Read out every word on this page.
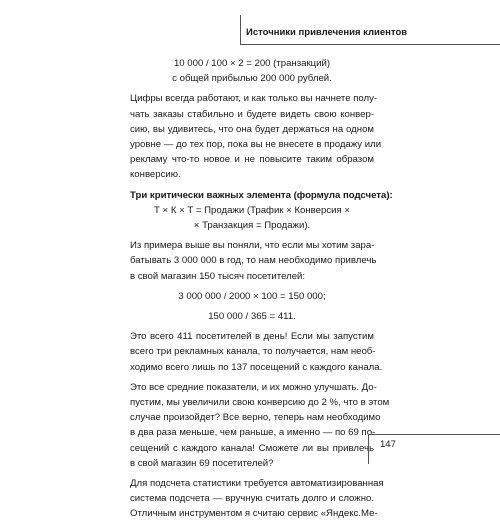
Источники привлечения клиентов
10 000 / 100 × 2 = 200 (транзакций)
с общей прибылью 200 000 рублей.
Цифры всегда работают, и как только вы начнете полу-
чать заказы стабильно и будете видеть свою конвер-
сию, вы удивитесь, что она будет держаться на одном
уровне — до тех пор, пока вы не внесете в продажу или
рекламу что-то новое и не повысите таким образом
конверсию.
Три критически важных элемента (формула подсчета):
Т × К × Т = Продажи (Трафик × Конверсия ×
× Транзакция = Продажи).
Из примера выше вы поняли, что если мы хотим зара-
батывать 3 000 000 в год, то нам необходимо привлечь
в свой магазин 150 тысяч посетителей:
3 000 000 / 2000 × 100 = 150 000;
150 000 / 365 = 411.
Это всего 411 посетителей в день! Если мы запустим
всего три рекламных канала, то получается, нам необ-
ходимо всего лишь по 137 посещений с каждого канала.
Это все средние показатели, и их можно улучшать. До-
пустим, мы увеличили свою конверсию до 2 %, что в этом
случае произойдет? Все верно, теперь нам необходимо
в два раза меньше, чем раньше, а именно — по 69 по-
сещений с каждого канала! Сможете ли вы привлечь
в свой магазин 69 посетителей?
Для подсчета статистики требуется автоматизированная
система подсчета — вручную считать долго и сложно.
Отличным инструментом я считаю сервис «Яндекс.Ме-
147
